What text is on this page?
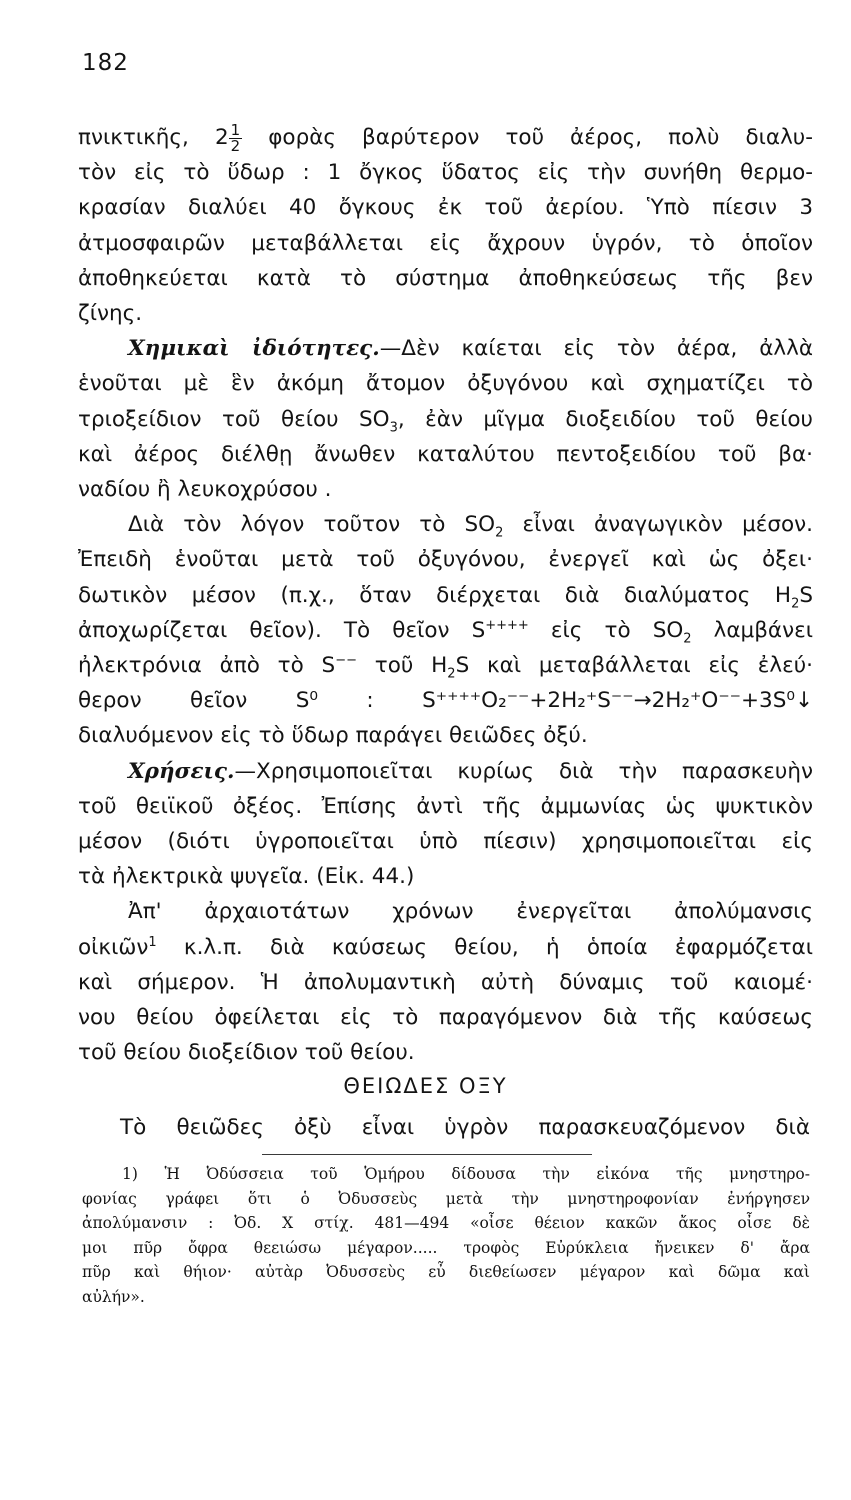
182
πνικτικῆς, $2 \frac{1}{2}$ φορὰς βαρύτερον τοῦ ἀέρος, πολὺ διαλυ-
τὸν εἰς τὸ ὕδωρ : 1 ὄγκος ὕδατος εἰς τὴν συνήθη θερμο-
κρασίαν διαλύει 40 ὄγκους ἐκ τοῦ ἀερίου. Ὑπὸ πίεσιν 3
ἀτμοσφαιρῶν μεταβάλλεται εἰς ἄχρουν ὑγρόν, τὸ ὁποῖον
ἀποθηκεύεται κατὰ τὸ σύστημα ἀποθηκεύσεως τῆς βεν
ζίνης.
Χημικαὶ ἰδιότητες.—Δὲν καίεται εἰς τὸν ἀέρα, ἀλλὰ
ἑνοῦται μὲ ἓν ἀκόμη ἄτομον ὀξυγόνου καὶ σχηματίζει τὸ
τριοξείδιον τοῦ θείου $SO_3$, ἐὰν μῖγμα διοξειδίου τοῦ θείου
καὶ ἀέρος διέλθῃ ἄνωθεν καταλύτου πεντοξειδίου τοῦ βα·
ναδίου ἢ λευκοχρύσου .
Διὰ τὸν λόγον τοῦτον τὸ $SO_2$ εἶναι ἀναγωγικὸν μέσον.
Ἐπειδὴ ἑνοῦται μετὰ τοῦ ὀξυγόνου, ἐνεργεῖ καὶ ὡς ὀξει·
δωτικὸν μέσον (π.χ., ὅταν διέρχεται διὰ διαλύματος $H_2S$
ἀποχωρίζεται θεῖον). Τὸ θεῖον S++++ εἰς τὸ $SO_2$ λαμβάνει
ἠλεκτρόνια ἀπὸ τὸ S−− τοῦ $H_2S$ καὶ μεταβάλλεται εἰς ἐλεύ·
θερον θεῖον S⁰ : S⁺⁺⁺⁺O₂⁻⁻+2H₂⁺S⁻⁻→2H₂⁺O⁻⁻+3S⁰↓
διαλυόμενον εἰς τὸ ὕδωρ παράγει θειῶδες ὀξύ.
Χρήσεις.—Χρησιμοποιεῖται κυρίως διὰ τὴν παρασκευὴν
τοῦ θειϊκοῦ ὀξέος. Ἐπίσης ἀντὶ τῆς ἀμμωνίας ὡς ψυκτικὸν
μέσον (διότι ὑγροποιεῖται ὑπὸ πίεσιν) χρησιμοποιεῖται εἰς
τὰ ἠλεκτρικὰ ψυγεῖα. (Εἰκ. 44.)
Ἀπ' ἀρχαιοτάτων χρόνων ἐνεργεῖται ἀπολύμανσις
οἰκιῶν$^1$ κ.λ.π. διὰ καύσεως θείου, ἡ ὁποία ἐφαρμόζεται
καὶ σήμερον. Ἡ ἀπολυμαντικὴ αὐτὴ δύναμις τοῦ καιομέ·
νου θείου ὀφείλεται εἰς τὸ παραγόμενον διὰ τῆς καύσεως
τοῦ θείου διοξείδιον τοῦ θείου.
ΘΕΙΩΔΕΣ ΟΞΥ
Τὸ θειῶδες ὀξὺ εἶναι ὑγρὸν παρασκευαζόμενον διὰ
1) Ἡ Ὀδύσσεια τοῦ Ὁμήρου δίδουσα τὴν εἰκόνα τῆς μνηστηρο-
φονίας γράφει ὅτι ὁ Ὀδυσσεὺς μετὰ τὴν μνηστηροφονίαν ἐνήργησεν
ἀπολύμανσιν : Ὀδ. Χ στίχ. 481—494 «οἶσε θέειον κακῶν ἄκος οἶσε δὲ
μοι πῦρ ὄφρα θεειώσω μέγαρον..... τροφὸς Εὐρύκλεια ἤνεικεν δ' ἄρα
πῦρ καὶ θήιον· αὐτὰρ Ὀδυσσεὺς εὖ διεθείωσεν μέγαρον καὶ δῶμα καὶ
αὐλήν».
